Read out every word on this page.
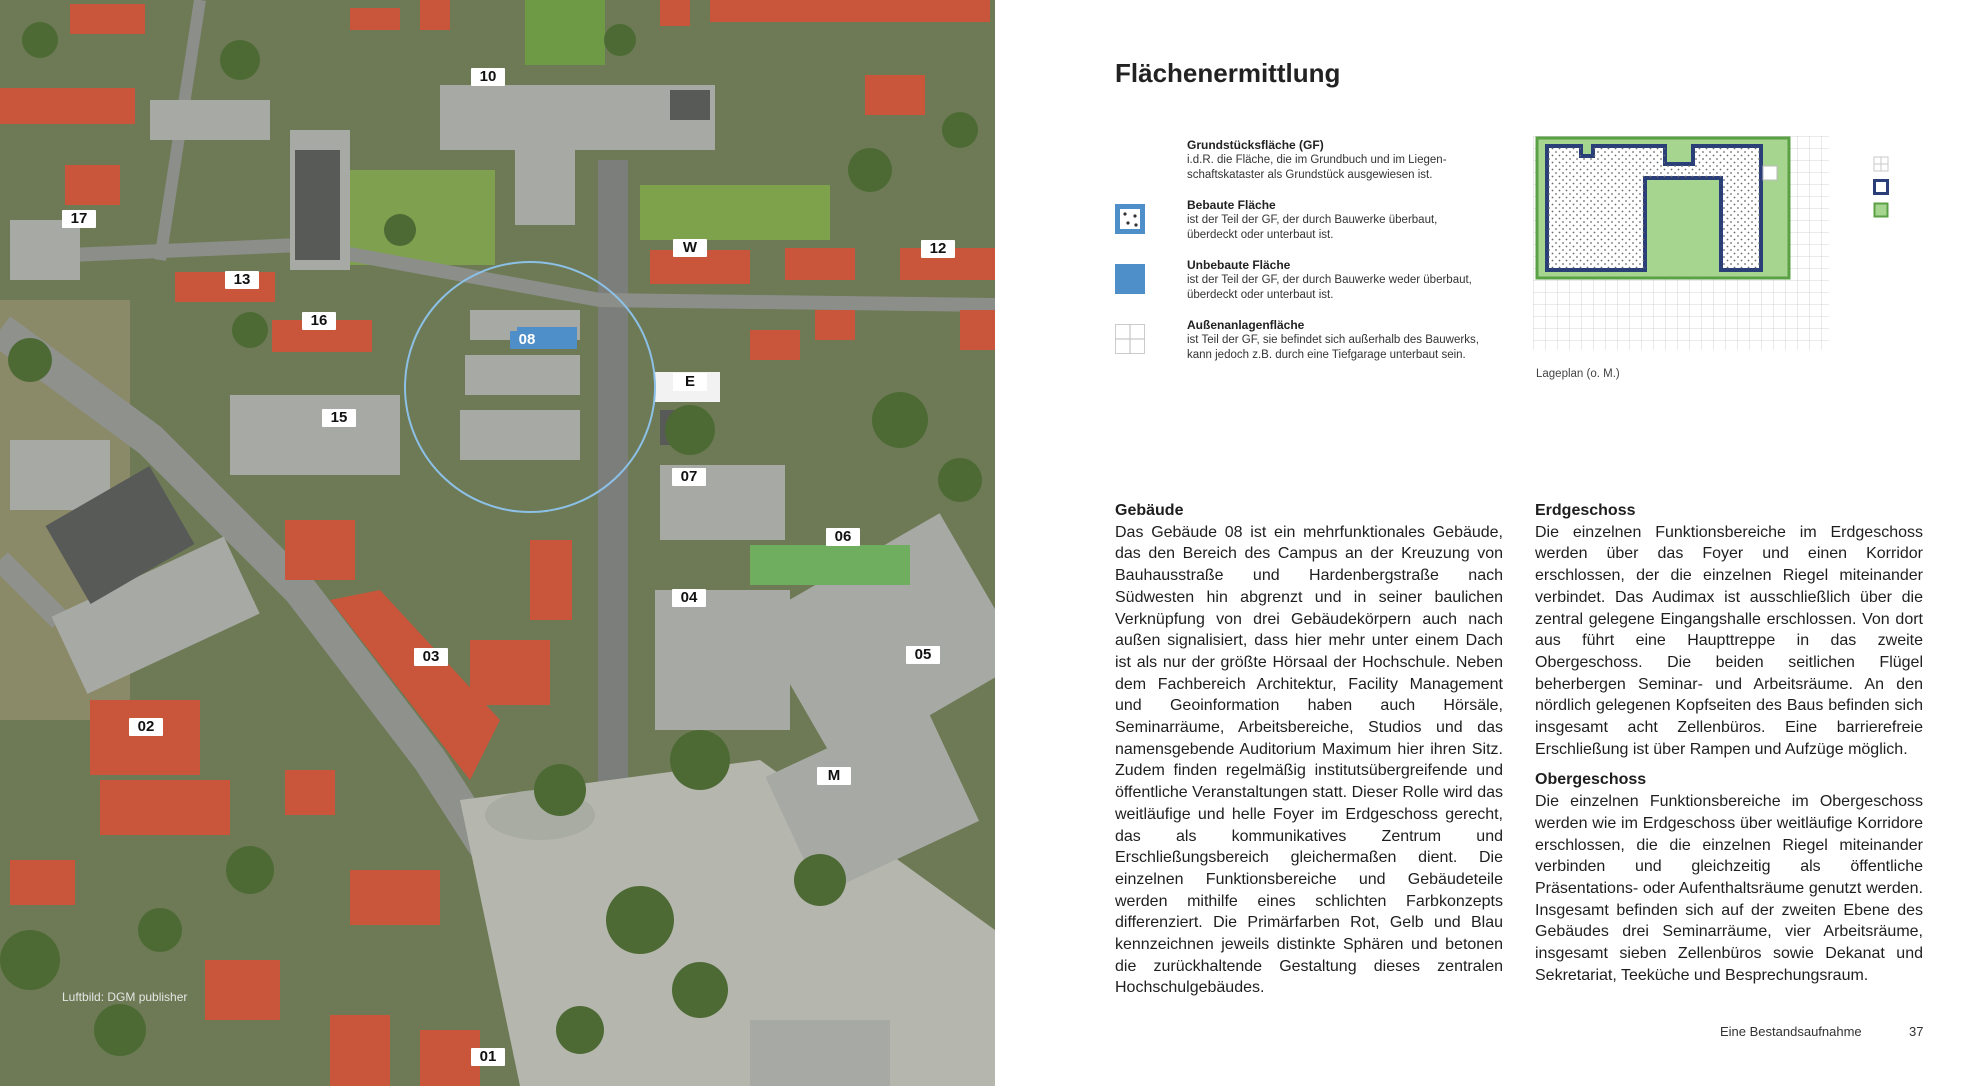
10
17
13
16
W	12
08
E
15
07
06
04
05
03
02
M
01
Luftbild: DGM publisher
Flächenermittlung
Grundstücksfläche (GF)
i.d.R. die Fläche, die im Grundbuch und im Liegen-schaftskataster als Grundstück ausgewiesen ist.
Bebaute Fläche
ist der Teil der GF, der durch Bauwerke überbaut, überdeckt oder unterbaut ist.
Unbebaute Fläche
ist der Teil der GF, der durch Bauwerke weder überbaut, überdeckt oder unterbaut ist.
Außenanlagenfläche
ist Teil der GF, sie befindet sich außerhalb des Bauwerks, kann jedoch z.B. durch eine Tiefgarage unterbaut sein.
Lageplan (o. M.)
Gebäude

Das Gebäude 08 ist ein mehrfunktionales Gebäude, das den Bereich des Campus an der Kreuzung von Bauhausstraße und Hardenbergstraße nach Südwesten hin abgrenzt und in seiner baulichen Verknüpfung von drei Gebäudekörpern auch nach außen signalisiert, dass hier mehr unter einem Dach ist als nur der größte Hörsaal der Hochschule. Neben dem Fachbereich Architektur, Facility Management und Geoinformation haben auch Hörsäle, Seminarräume, Arbeitsbereiche, Studios und das namensgebende Auditorium Maximum hier ihren Sitz. Zudem finden regelmäßig institutsübergreifende und öffentliche Veranstaltungen statt. Dieser Rolle wird das weitläufige und helle Foyer im Erdgeschoss gerecht, das als kommunikatives Zentrum und Erschließungsbereich gleichermaßen dient. Die einzelnen Funktionsbereiche und Gebäudeteile werden mithilfe eines schlichten Farbkonzepts differenziert. Die Primärfarben Rot, Gelb und Blau kennzeichnen jeweils distinkte Sphären und betonen die zurückhaltende Gestaltung dieses zentralen Hochschulgebäudes.

Erdgeschoss

Die einzelnen Funktionsbereiche im Erdgeschoss werden über das Foyer und einen Korridor erschlossen, der die einzelnen Riegel miteinander verbindet. Das Audimax ist ausschließlich über die zentral gelegene Eingangshalle erschlossen. Von dort aus führt eine Haupttreppe in das zweite Obergeschoss. Die beiden seitlichen Flügel beherbergen Seminar- und Arbeitsräume. An den nördlich gelegenen Kopfseiten des Baus befinden sich insgesamt acht Zellenbüros. Eine barrierefreie Erschließung ist über Rampen und Aufzüge möglich.

Obergeschoss

Die einzelnen Funktionsbereiche im Obergeschoss werden wie im Erdgeschoss über weitläufige Korridore erschlossen, die die einzelnen Riegel miteinander verbinden und gleichzeitig als öffentliche Präsentations- oder Aufenthaltsräume genutzt werden. Insgesamt befinden sich auf der zweiten Ebene des Gebäudes drei Seminarräume, vier Arbeitsräume, insgesamt sieben Zellenbüros sowie Dekanat und Sekretariat, Teeküche und Besprechungsraum.

Eine Bestandsaufnahme	37
